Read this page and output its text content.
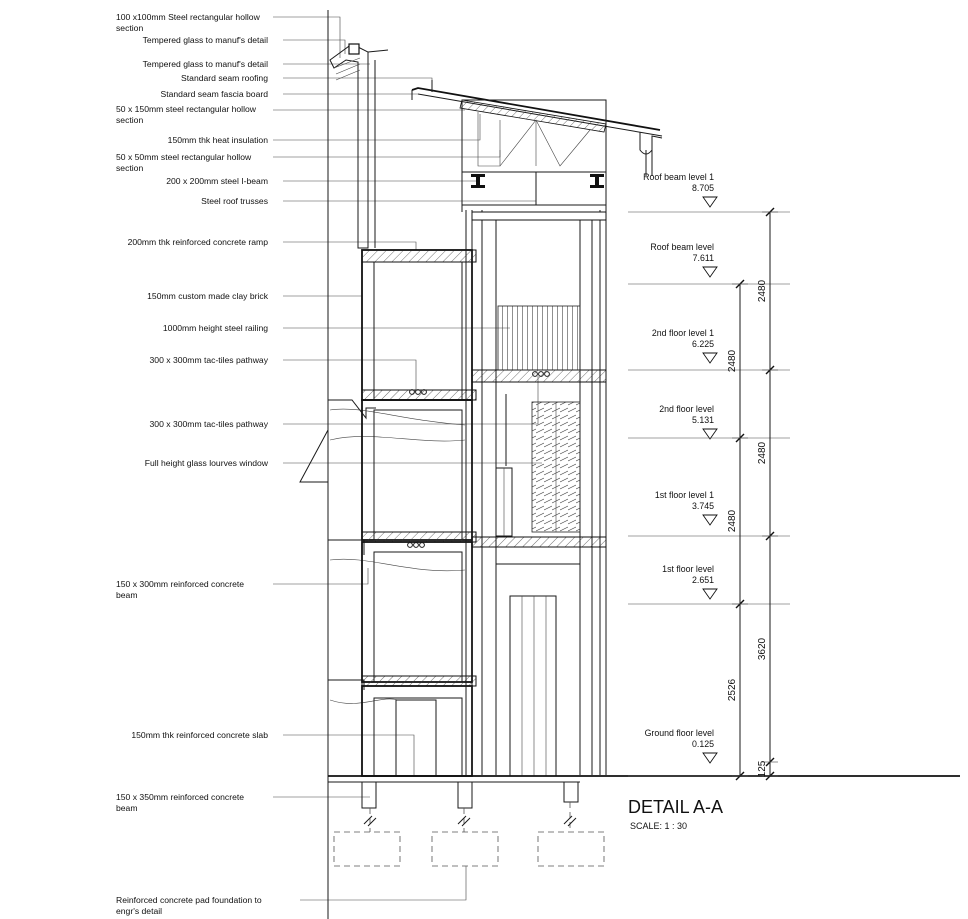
100 x100mm Steel rectangular hollow
section
Tempered glass to manuf's detail
Tempered glass to manuf's detail
Standard seam roofing
Standard seam fascia board
50 x 150mm steel rectangular hollow
section
150mm thk heat insulation
50 x 50mm steel rectangular hollow
section
200 x 200mm steel I-beam
Steel roof trusses
200mm thk reinforced concrete ramp
150mm custom made clay brick
1000mm height steel railing
300 x 300mm tac-tiles pathway
300 x 300mm tac-tiles pathway
Full height glass lourves window
150 x 300mm reinforced concrete
beam
150mm thk reinforced concrete slab
150 x 350mm reinforced concrete
beam
Reinforced concrete pad foundation to
engr's detail
Roof beam level 1
8.705
Roof beam level
7.611
2nd floor level 1
6.225
2nd floor level
5.131
1st floor level 1
3.745
1st floor level
2.651
Ground floor level
0.125
2480
2480
3620
125
2480
2480
2526
DETAIL A-A
SCALE: 1 : 30
